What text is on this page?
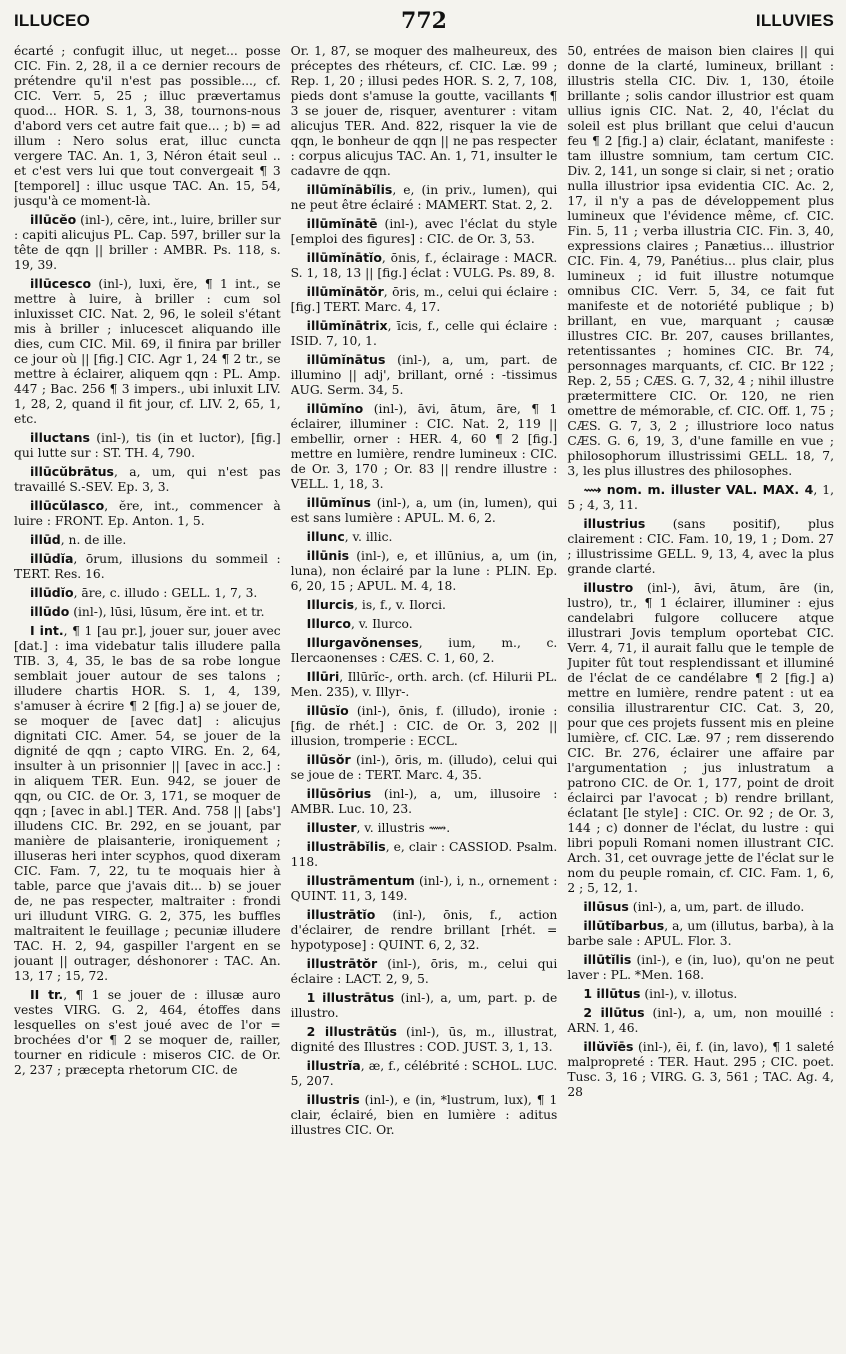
ILLUCEO	772	ILLUVIES

écarté ; confugit illuc, ut neget... posse CIC. Fin. 2, 28, il a ce dernier recours de prétendre qu'il n'est pas possible..., cf. CIC. Verr. 5, 25 ; illuc prævertamus quod... HOR. S. 1, 3, 38, tournons-nous d'abord vers cet autre fait que... ; b) = ad illum : Nero solus erat, illuc cuncta vergere TAC. An. 1, 3, Néron était seul .. et c'est vers lui que tout convergeait ¶ 3 [temporel] : illuc usque TAC. An. 15, 54, jusqu'à ce moment-là.

illūcĕo (inl-), cēre, int., luire, briller sur : capiti alicujus PL. Cap. 597, briller sur la tête de qqn || briller : AMBR. Ps. 118, s. 19, 39.

illūcesco (inl-), luxi, ĕre, ¶ 1 int., se mettre à luire, à briller : cum sol inluxisset CIC. Nat. 2, 96, le soleil s'étant mis à briller ; inlucescet aliquando ille dies, cum CIC. Mil. 69, il finira par briller ce jour où || [fig.] CIC. Agr 1, 24 ¶ 2 tr., se mettre à éclairer, aliquem qqn : PL. Amp. 447 ; Bac. 256 ¶ 3 impers., ubi inluxit LIV. 1, 28, 2, quand il fit jour, cf. LIV. 2, 65, 1, etc.

illuctans (inl-), tis (in et luctor), [fig.] qui lutte sur : ST. TH. 4, 790.

illūcŭbrātus, a, um, qui n'est pas travaillé S.-SEV. Ep. 3, 3.

illūcŭlasco, ĕre, int., commencer à luire : FRONT. Ep. Anton. 1, 5.

illūd, n. de ille.

illūdĭa, ōrum, illusions du sommeil : TERT. Res. 16.

illūdĭo, āre, c. illudo : GELL. 1, 7, 3.

illūdo (inl-), lūsi, lūsum, ĕre int. et tr.

I int., ¶ 1 [au pr.], jouer sur, jouer avec [dat.] : ima videbatur talis illudere palla TIB. 3, 4, 35, le bas de sa robe longue semblait jouer autour de ses talons ; illudere chartis HOR. S. 1, 4, 139, s'amuser à écrire ¶ 2 [fig.] a) se jouer de, se moquer de [avec dat] : alicujus dignitati CIC. Amer. 54, se jouer de la dignité de qqn ; capto VIRG. En. 2, 64, insulter à un prisonnier || [avec in acc.] : in aliquem TER. Eun. 942, se jouer de qqn, ou CIC. de Or. 3, 171, se moquer de qqn ; [avec in abl.] TER. And. 758 || [abs'] illudens CIC. Br. 292, en se jouant, par manière de plaisanterie, ironiquement ; illuseras heri inter scyphos, quod dixeram CIC. Fam. 7, 22, tu te moquais hier à table, parce que j'avais dit... b) se jouer de, ne pas respecter, maltraiter : frondi uri illudunt VIRG. G. 2, 375, les buffles maltraitent le feuillage ; pecuniæ illudere TAC. H. 2, 94, gaspiller l'argent en se jouant || outrager, déshonorer : TAC. An. 13, 17 ; 15, 72.

II tr., ¶ 1 se jouer de : illusæ auro vestes VIRG. G. 2, 464, étoffes dans lesquelles on s'est joué avec de l'or = brochées d'or ¶ 2 se moquer de, railler, tourner en ridicule : miseros CIC. de Or. 2, 237 ; præcepta rhetorum CIC. de

Or. 1, 87, se moquer des malheureux, des préceptes des rhéteurs, cf. CIC. Læ. 99 ; Rep. 1, 20 ; illusi pedes HOR. S. 2, 7, 108, pieds dont s'amuse la goutte, vacillants ¶ 3 se jouer de, risquer, aventurer : vitam alicujus TER. And. 822, risquer la vie de qqn, le bonheur de qqn || ne pas respecter : corpus alicujus TAC. An. 1, 71, insulter le cadavre de qqn.

illūmĭnābĭlis, e, (in priv., lumen), qui ne peut être éclairé : MAMERT. Stat. 2, 2.

illūmĭnātē (inl-), avec l'éclat du style [emploi des figures] : CIC. de Or. 3, 53.

illūmĭnātĭo, ōnis, f., éclairage : MACR. S. 1, 18, 13 || [fig.] éclat : VULG. Ps. 89, 8.

illūmĭnātŏr, ōris, m., celui qui éclaire : [fig.] TERT. Marc. 4, 17.

illūmĭnātrix, īcis, f., celle qui éclaire : ISID. 7, 10, 1.

illūmĭnātus (inl-), a, um, part. de illumino || adj', brillant, orné : -tissimus AUG. Serm. 34, 5.

illūmĭno (inl-), āvi, ātum, āre, ¶ 1 éclairer, illuminer : CIC. Nat. 2, 119 || embellir, orner : HER. 4, 60 ¶ 2 [fig.] mettre en lumière, rendre lumineux : CIC. de Or. 3, 170 ; Or. 83 || rendre illustre : VELL. 1, 18, 3.

illūmĭnus (inl-), a, um (in, lumen), qui est sans lumière : APUL. M. 6, 2.

illunc, v. illic.

illūnis (inl-), e, et illūnius, a, um (in, luna), non éclairé par la lune : PLIN. Ep. 6, 20, 15 ; APUL. M. 4, 18.

Illurcis, is, f., v. Ilorci.

Illurco, v. Ilurco.

Illurgavŏnenses, ium, m., c. Ilercaonenses : CÆS. C. 1, 60, 2.

Illūri, Illūrĭc-, orth. arch. (cf. Hilurii PL. Men. 235), v. Illyr-.

illūsĭo (inl-), ōnis, f. (illudo), ironie : [fig. de rhét.] : CIC. de Or. 3, 202 || illusion, tromperie : ECCL.

illūsŏr (inl-), ōris, m. (illudo), celui qui se joue de : TERT. Marc. 4, 35.

illūsōrius (inl-), a, um, illusoire : AMBR. Luc. 10, 23.

illuster, v. illustris ⟿.

illustrābĭlis, e, clair : CASSIOD. Psalm. 118.

illustrāmentum (inl-), i, n., ornement : QUINT. 11, 3, 149.

illustrātĭo (inl-), ōnis, f., action d'éclairer, de rendre brillant [rhét. = hypotypose] : QUINT. 6, 2, 32.

illustrātŏr (inl-), ōris, m., celui qui éclaire : LACT. 2, 9, 5.

1 illustrātus (inl-), a, um, part. p. de illustro.

2 illustrātŭs (inl-), ūs, m., illustrat, dignité des Illustres : COD. JUST. 3, 1, 13.

illustrĭa, æ, f., célébrité : SCHOL. LUC. 5, 207.

illustris (inl-), e (in, *lustrum, lux), ¶ 1 clair, éclairé, bien en lumière : aditus illustres CIC. Or.

50, entrées de maison bien claires || qui donne de la clarté, lumineux, brillant : illustris stella CIC. Div. 1, 130, étoile brillante ; solis candor illustrior est quam ullius ignis CIC. Nat. 2, 40, l'éclat du soleil est plus brillant que celui d'aucun feu ¶ 2 [fig.] a) clair, éclatant, manifeste : tam illustre somnium, tam certum CIC. Div. 2, 141, un songe si clair, si net ; oratio nulla illustrior ipsa evidentia CIC. Ac. 2, 17, il n'y a pas de développement plus lumineux que l'évidence même, cf. CIC. Fin. 5, 11 ; verba illustria CIC. Fin. 3, 40, expressions claires ; Panætius... illustrior CIC. Fin. 4, 79, Panétius... plus clair, plus lumineux ; id fuit illustre notumque omnibus CIC. Verr. 5, 34, ce fait fut manifeste et de notoriété publique ; b) brillant, en vue, marquant ; causæ illustres CIC. Br. 207, causes brillantes, retentissantes ; homines CIC. Br. 74, personnages marquants, cf. CIC. Br 122 ; Rep. 2, 55 ; CÆS. G. 7, 32, 4 ; nihil illustre prætermittere CIC. Or. 120, ne rien omettre de mémorable, cf. CIC. Off. 1, 75 ; CÆS. G. 7, 3, 2 ; illustriore loco natus CÆS. G. 6, 19, 3, d'une famille en vue ; philosophorum illustrissimi GELL. 18, 7, 3, les plus illustres des philosophes.

⟿ nom. m. illuster VAL. MAX. 4, 1, 5 ; 4, 3, 11.

illustrius (sans positif), plus clairement : CIC. Fam. 10, 19, 1 ; Dom. 27 ; illustrissime GELL. 9, 13, 4, avec la plus grande clarté.

illustro (inl-), āvi, ātum, āre (in, lustro), tr., ¶ 1 éclairer, illuminer : ejus candelabri fulgore collucere atque illustrari Jovis templum oportebat CIC. Verr. 4, 71, il aurait fallu que le temple de Jupiter fût tout resplendissant et illuminé de l'éclat de ce candélabre ¶ 2 [fig.] a) mettre en lumière, rendre patent : ut ea consilia illustrarentur CIC. Cat. 3, 20, pour que ces projets fussent mis en pleine lumière, cf. CIC. Læ. 97 ; rem disserendo CIC. Br. 276, éclairer une affaire par l'argumentation ; jus inlustratum a patrono CIC. de Or. 1, 177, point de droit éclairci par l'avocat ; b) rendre brillant, éclatant [le style] : CIC. Or. 92 ; de Or. 3, 144 ; c) donner de l'éclat, du lustre : qui libri populi Romani nomen illustrant CIC. Arch. 31, cet ouvrage jette de l'éclat sur le nom du peuple romain, cf. CIC. Fam. 1, 6, 2 ; 5, 12, 1.

illūsus (inl-), a, um, part. de illudo.

illūtĭbarbus, a, um (illutus, barba), à la barbe sale : APUL. Flor. 3.

illūtĭlis (inl-), e (in, luo), qu'on ne peut laver : PL. *Men. 168.

1 illūtus (inl-), v. illotus.

2 illūtus (inl-), a, um, non mouillé : ARN. 1, 46.

illŭvĭēs (inl-), ēi, f. (in, lavo), ¶ 1 saleté malpropreté : TER. Haut. 295 ; CIC. poet. Tusc. 3, 16 ; VIRG. G. 3, 561 ; TAC. Ag. 4, 28
